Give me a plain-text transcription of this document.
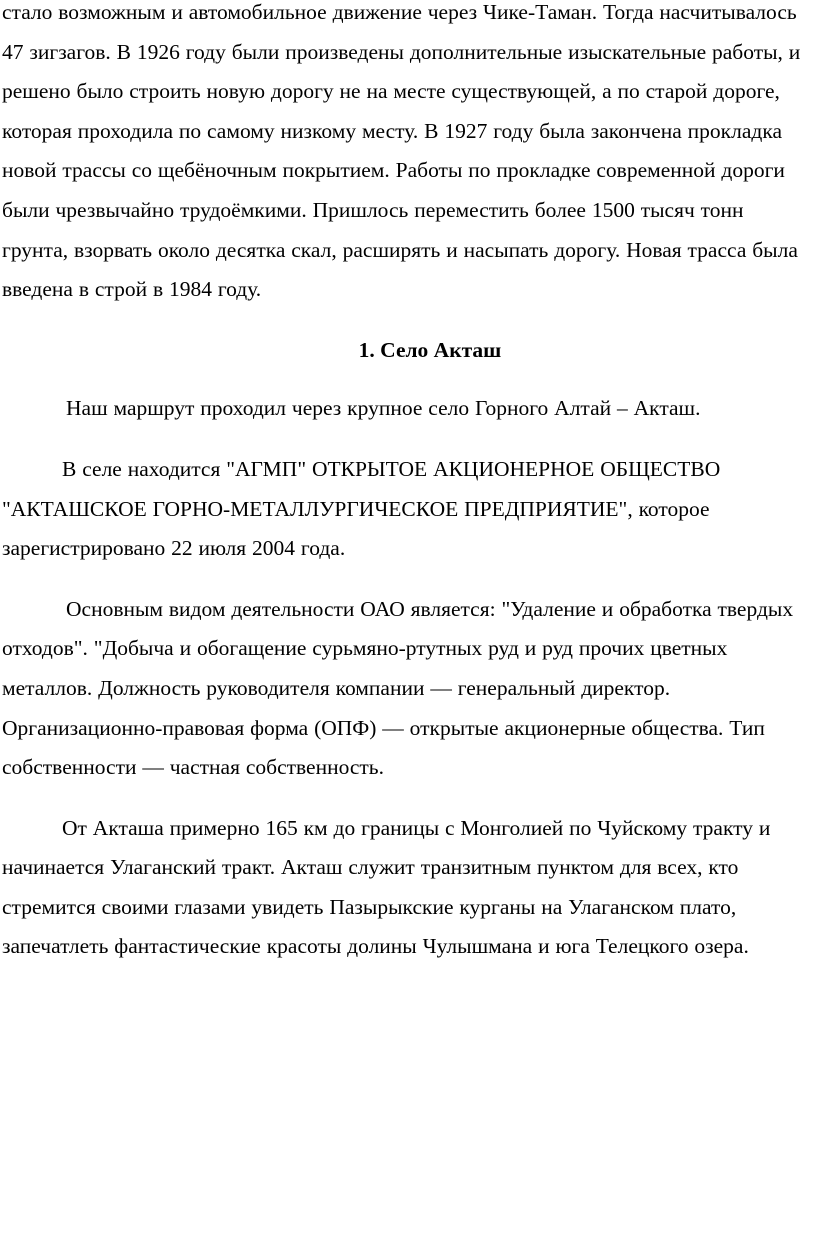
стало возможным и автомобильное движение через Чике-Таман. Тогда насчитывалось 47 зигзагов. В 1926 году были произведены дополнительные изыскательные работы, и решено было строить новую дорогу не на месте существующей, а по старой дороге, которая проходила по самому низкому месту. В 1927 году была закончена прокладка новой трассы со щебёночным покрытием. Работы по прокладке современной дороги были чрезвычайно трудоёмкими. Пришлось переместить более 1500 тысяч тонн грунта, взорвать около десятка скал, расширять и насыпать дорогу. Новая трасса была введена в строй в 1984 году.

1. Село Акташ

Наш маршрут проходил через крупное село Горного Алтай – Акташ.

В селе находится "АГМП" ОТКРЫТОЕ АКЦИОНЕРНОЕ ОБЩЕСТВО "АКТАШСКОЕ ГОРНО-МЕТАЛЛУРГИЧЕСКОЕ ПРЕДПРИЯТИЕ", которое зарегистрировано 22 июля 2004 года.

Основным видом деятельности ОАО является: "Удаление и обработка твердых отходов". "Добыча и обогащение сурьмяно-ртутных руд и руд прочих цветных металлов. Должность руководителя компании — генеральный директор. Организационно-правовая форма (ОПФ) — открытые акционерные общества. Тип собственности — частная собственность.

От Акташа примерно 165 км до границы с Монголией по Чуйскому тракту и начинается Улаганский тракт. Акташ служит транзитным пунктом для всех, кто стремится своими глазами увидеть Пазырыкские курганы на Улаганском плато, запечатлеть фантастические красоты долины Чулышмана и юга Телецкого озера.
